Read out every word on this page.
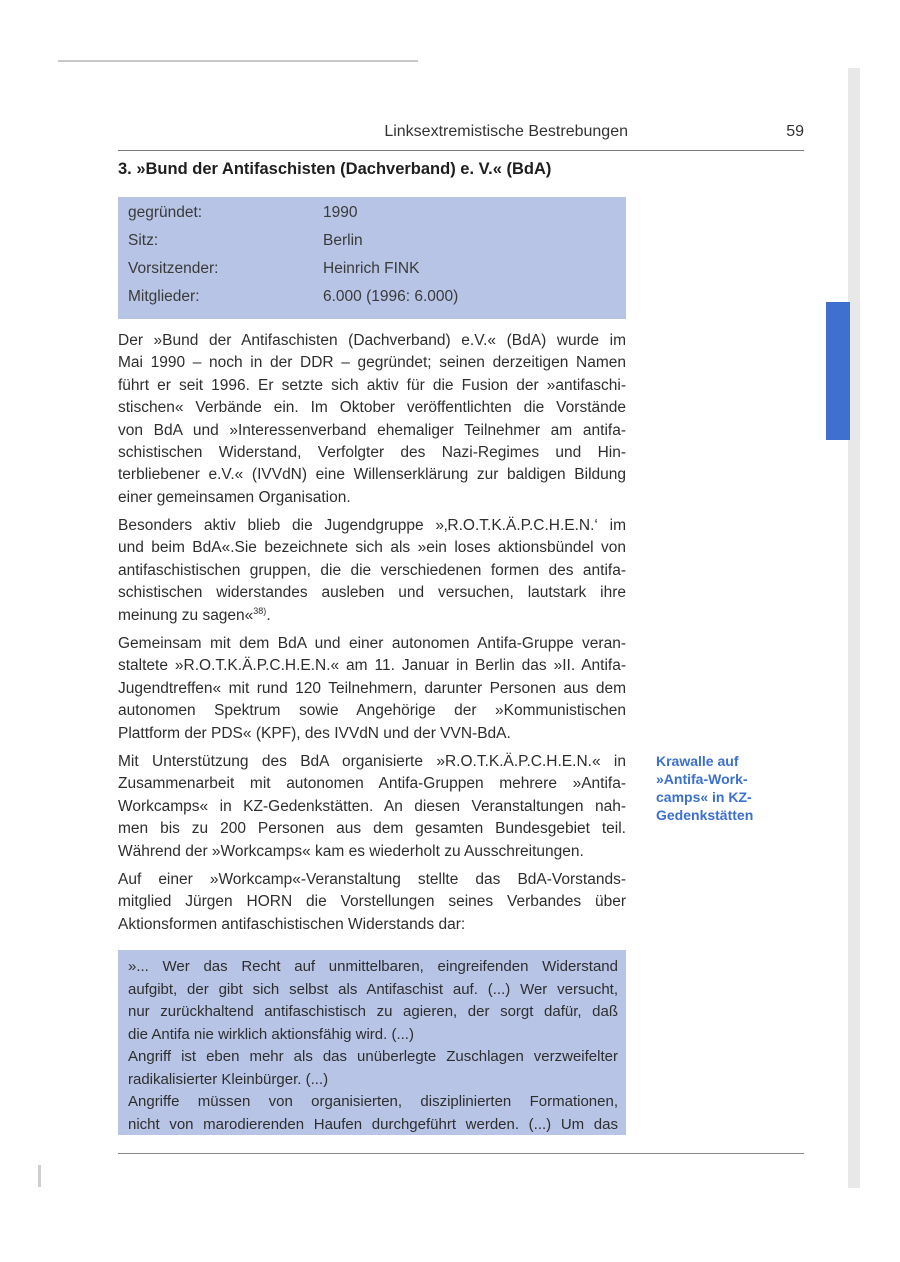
Linksextremistische Bestrebungen	59
3. »Bund der Antifaschisten (Dachverband) e. V.« (BdA)
gegründet:	1990
Sitz:	Berlin
Vorsitzender:	Heinrich FINK
Mitglieder:	6.000 (1996: 6.000)
Der »Bund der Antifaschisten (Dachverband) e.V.« (BdA) wurde im
Mai 1990 – noch in der DDR – gegründet; seinen derzeitigen Namen
führt er seit 1996. Er setzte sich aktiv für die Fusion der »antifaschi-
stischen« Verbände ein. Im Oktober veröffentlichten die Vorstände
von BdA und »Interessenverband ehemaliger Teilnehmer am antifa-
schistischen Widerstand, Verfolgter des Nazi-Regimes und Hin-
terbliebener e.V.« (IVVdN) eine Willenserklärung zur baldigen Bildung
einer gemeinsamen Organisation.
Besonders aktiv blieb die Jugendgruppe »‚R.O.T.K.Ä.P.C.H.E.N.‘ im
und beim BdA«.Sie bezeichnete sich als »ein loses aktionsbündel von
antifaschistischen gruppen, die die verschiedenen formen des antifa-
schistischen widerstandes ausleben und versuchen, lautstark ihre
meinung zu sagen«$^{38)}$.
Gemeinsam mit dem BdA und einer autonomen Antifa-Gruppe veran-
staltete »R.O.T.K.Ä.P.C.H.E.N.« am 11. Januar in Berlin das »II. Antifa-
Jugendtreffen« mit rund 120 Teilnehmern, darunter Personen aus dem
autonomen Spektrum sowie Angehörige der »Kommunistischen
Plattform der PDS« (KPF), des IVVdN und der VVN-BdA.
Mit Unterstützung des BdA organisierte »R.O.T.K.Ä.P.C.H.E.N.« in
Zusammenarbeit mit autonomen Antifa-Gruppen mehrere »Antifa-
Workcamps« in KZ-Gedenkstätten. An diesen Veranstaltungen nah-
men bis zu 200 Personen aus dem gesamten Bundesgebiet teil.
Während der »Workcamps« kam es wiederholt zu Ausschreitungen.
Auf einer »Workcamp«-Veranstaltung stellte das BdA-Vorstands-
mitglied Jürgen HORN die Vorstellungen seines Verbandes über
Aktionsformen antifaschistischen Widerstands dar:
Krawalle auf
»Antifa-Work-
camps« in KZ-
Gedenkstätten
»... Wer das Recht auf unmittelbaren, eingreifenden Widerstand
aufgibt, der gibt sich selbst als Antifaschist auf. (...) Wer versucht,
nur zurückhaltend antifaschistisch zu agieren, der sorgt dafür, daß
die Antifa nie wirklich aktionsfähig wird. (...)
Angriff ist eben mehr als das unüberlegte Zuschlagen verzweifelter
radikalisierter Kleinbürger. (...)
Angriffe müssen von organisierten, disziplinierten Formationen,
nicht von marodierenden Haufen durchgeführt werden. (...) Um das
